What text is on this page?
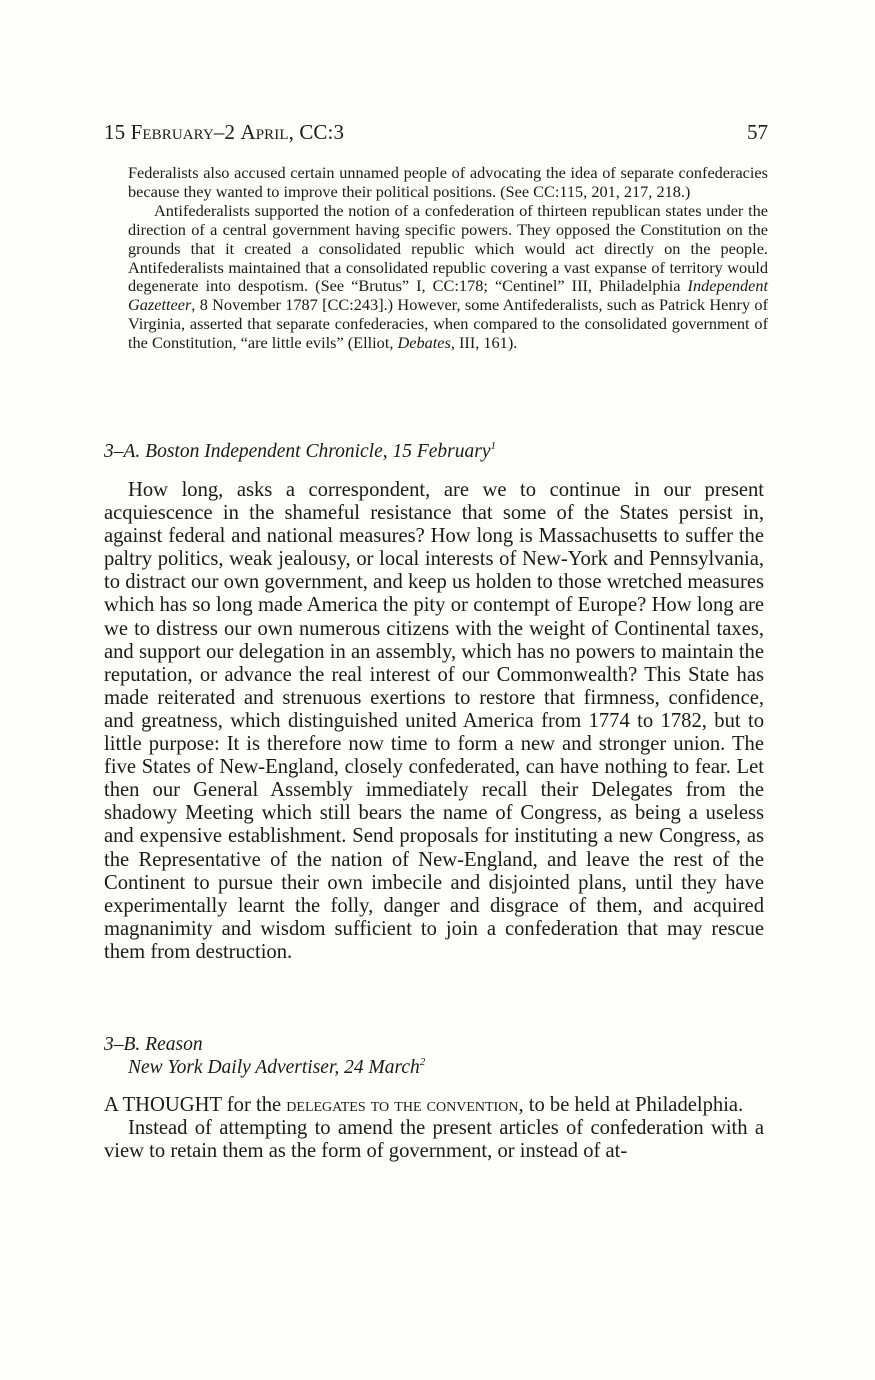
15 February–2 April, CC:3	57

Federalists also accused certain unnamed people of advocating the idea of separate confederacies because they wanted to improve their political positions. (See CC:115, 201, 217, 218.)

Antifederalists supported the notion of a confederation of thirteen republican states under the direction of a central government having specific powers. They opposed the Constitution on the grounds that it created a consolidated republic which would act directly on the people. Antifederalists maintained that a consolidated republic covering a vast expanse of territory would degenerate into despotism. (See “Brutus” I, CC:178; “Centinel” III, Philadelphia Independent Gazetteer, 8 November 1787 [CC:243].) However, some Antifederalists, such as Patrick Henry of Virginia, asserted that separate confederacies, when compared to the consolidated government of the Constitution, “are little evils” (Elliot, Debates, III, 161).

3–A. Boston Independent Chronicle, 15 February$^1$

How long, asks a correspondent, are we to continue in our present acquiescence in the shameful resistance that some of the States persist in, against federal and national measures? How long is Massachusetts to suffer the paltry politics, weak jealousy, or local interests of New-York and Pennsylvania, to distract our own government, and keep us holden to those wretched measures which has so long made America the pity or contempt of Europe? How long are we to distress our own numerous citizens with the weight of Continental taxes, and support our delegation in an assembly, which has no powers to maintain the reputation, or advance the real interest of our Commonwealth? This State has made reiterated and strenuous exertions to restore that firmness, confidence, and greatness, which distinguished united America from 1774 to 1782, but to little purpose: It is therefore now time to form a new and stronger union. The five States of New-England, closely confederated, can have nothing to fear. Let then our General Assembly immediately recall their Delegates from the shadowy Meeting which still bears the name of Congress, as being a useless and expensive establishment. Send proposals for instituting a new Congress, as the Representative of the nation of New-England, and leave the rest of the Continent to pursue their own imbecile and disjointed plans, until they have experimentally learnt the folly, danger and disgrace of them, and acquired magnanimity and wisdom sufficient to join a confederation that may rescue them from destruction.

3–B. Reason
New York Daily Advertiser, 24 March$^2$

A THOUGHT for the delegates to the convention, to be held at Philadelphia.

Instead of attempting to amend the present articles of confederation with a view to retain them as the form of government, or instead of at-
